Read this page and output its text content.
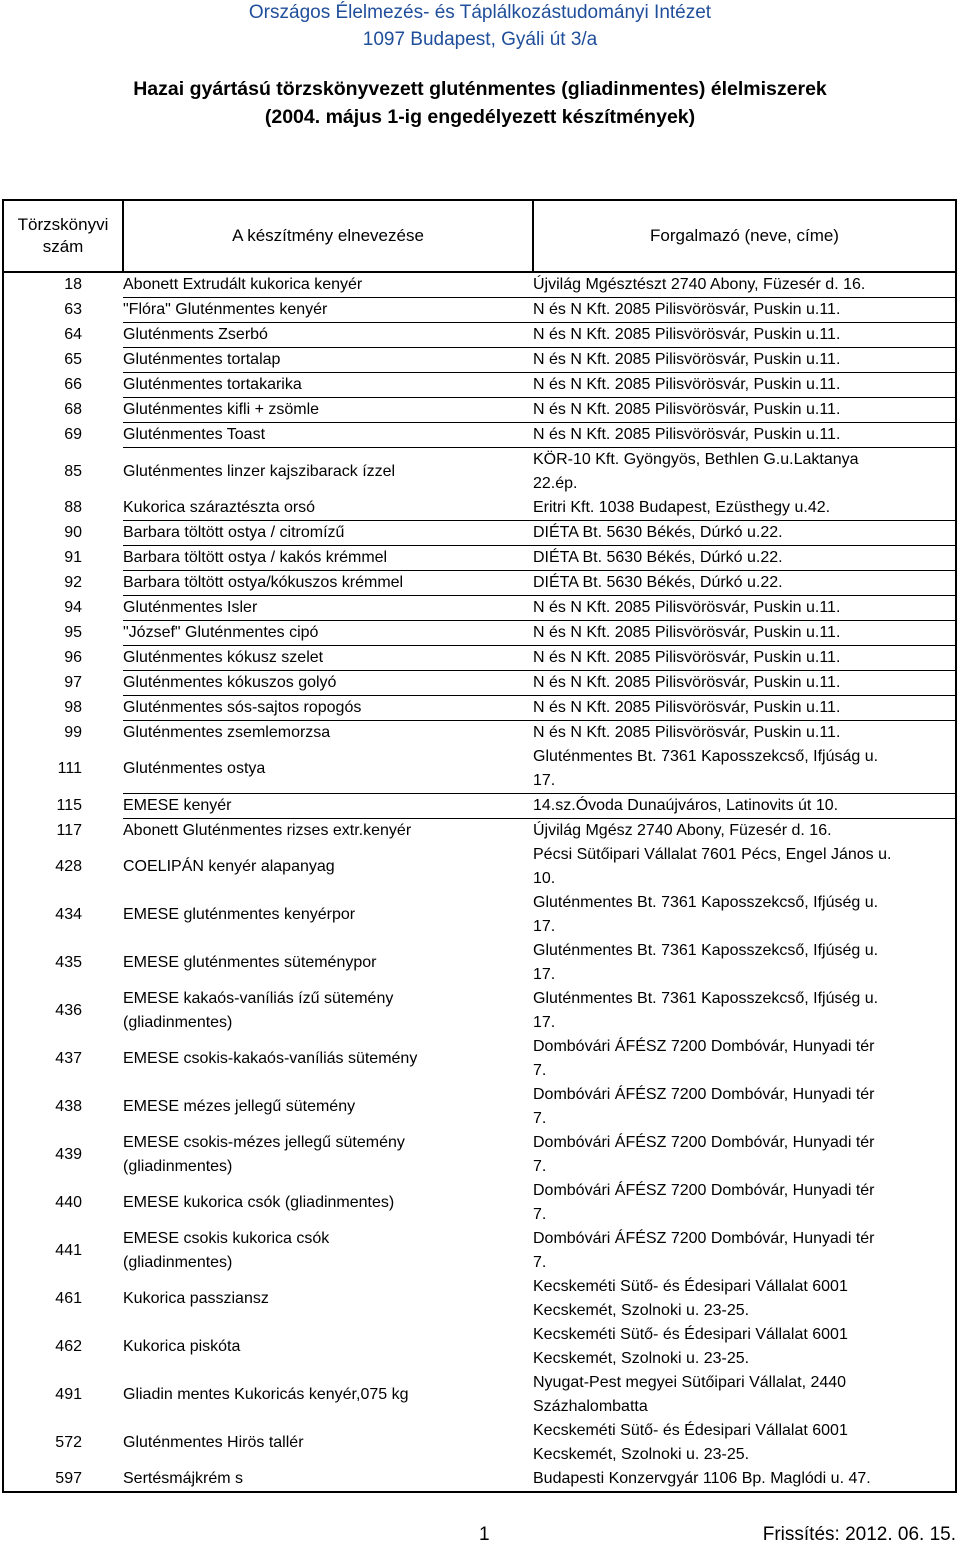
Országos Élelmezés- és Táplálkozástudományi Intézet
1097 Budapest, Gyáli út 3/a
Hazai gyártású törzskönyvezett gluténmentes (gliadinmentes) élelmiszerek
(2004. május 1-ig engedélyezett készítmények)
Törzskönyvi szám	A készítmény elnevezése	Forgalmazó (neve, címe)
18	Abonett Extrudált kukorica kenyér	Újvilág Mgésztészt 2740 Abony, Füzesér d. 16.

63	"Flóra" Gluténmentes kenyér	N és N Kft. 2085 Pilisvörösvár, Puskin u.11.

64	Gluténments Zserbó	N és N Kft. 2085 Pilisvörösvár, Puskin u.11.

65	Gluténmentes tortalap	N és N Kft. 2085 Pilisvörösvár, Puskin u.11.

66	Gluténmentes tortakarika	N és N Kft. 2085 Pilisvörösvár, Puskin u.11.

68	Gluténmentes kifli + zsömle	N és N Kft. 2085 Pilisvörösvár, Puskin u.11.

69	Gluténmentes Toast	N és N Kft. 2085 Pilisvörösvár, Puskin u.11.

85	Gluténmentes linzer kajszibarack ízzel	KÖR-10 Kft. Gyöngyös, Bethlen G.u.Laktanya
22.ép.

88	Kukorica száraztészta orsó	Eritri Kft. 1038 Budapest, Ezüsthegy u.42.

90	Barbara töltött ostya / citromízű	DIÉTA Bt. 5630 Békés, Dúrkó u.22.

91	Barbara töltött ostya / kakós krémmel	DIÉTA Bt. 5630 Békés, Dúrkó u.22.

92	Barbara töltött ostya/kókuszos krémmel	DIÉTA Bt. 5630 Békés, Dúrkó u.22.

94	Gluténmentes Isler	N és N Kft. 2085 Pilisvörösvár, Puskin u.11.

95	"József" Gluténmentes cipó	N és N Kft. 2085 Pilisvörösvár, Puskin u.11.

96	Gluténmentes kókusz szelet	N és N Kft. 2085 Pilisvörösvár, Puskin u.11.

97	Gluténmentes kókuszos golyó	N és N Kft. 2085 Pilisvörösvár, Puskin u.11.

98	Gluténmentes sós-sajtos ropogós	N és N Kft. 2085 Pilisvörösvár, Puskin u.11.

99	Gluténmentes zsemlemorzsa	N és N Kft. 2085 Pilisvörösvár, Puskin u.11.

111	Gluténmentes ostya	Gluténmentes Bt. 7361 Kaposszekcső, Ifjúság u.
17.

115	EMESE kenyér	14.sz.Óvoda Dunaújváros, Latinovits út 10.

117	Abonett Gluténmentes rizses extr.kenyér	Újvilág Mgész 2740 Abony, Füzesér d. 16.

428	COELIPÁN kenyér alapanyag	Pécsi Sütőipari Vállalat 7601 Pécs, Engel János u.
10.

434	EMESE gluténmentes kenyérpor	Gluténmentes Bt. 7361 Kaposszekcső, Ifjúség u.
17.

435	EMESE gluténmentes süteménypor	Gluténmentes Bt. 7361 Kaposszekcső, Ifjúség u.
17.

436	EMESE kakaós-vaníliás ízű sütemény (gliadinmentes)	Gluténmentes Bt. 7361 Kaposszekcső, Ifjúség u.
17.

437	EMESE csokis-kakaós-vaníliás sütemény	Dombóvári ÁFÉSZ 7200 Dombóvár, Hunyadi tér
7.

438	EMESE mézes jellegű sütemény	Dombóvári ÁFÉSZ 7200 Dombóvár, Hunyadi tér
7.

439	EMESE csokis-mézes jellegű sütemény (gliadinmentes)	Dombóvári ÁFÉSZ 7200 Dombóvár, Hunyadi tér
7.

440	EMESE kukorica csók (gliadinmentes)	Dombóvári ÁFÉSZ 7200 Dombóvár, Hunyadi tér
7.

441	EMESE csokis kukorica csók (gliadinmentes)	Dombóvári ÁFÉSZ 7200 Dombóvár, Hunyadi tér
7.

461	Kukorica passziansz	Kecskeméti Sütő- és Édesipari Vállalat 6001
Kecskemét, Szolnoki u. 23-25.

462	Kukorica piskóta	Kecskeméti Sütő- és Édesipari Vállalat 6001
Kecskemét, Szolnoki u. 23-25.

491	Gliadin mentes Kukoricás kenyér,075 kg	Nyugat-Pest megyei Sütőipari Vállalat, 2440
Százhalombatta

572	Gluténmentes Hirös tallér	Kecskeméti Sütő- és Édesipari Vállalat 6001
Kecskemét, Szolnoki u. 23-25.

597	Sertésmájkrém s	Budapesti Konzervgyár 1106 Bp. Maglódi u. 47.
1	Frissítés: 2012. 06. 15.
